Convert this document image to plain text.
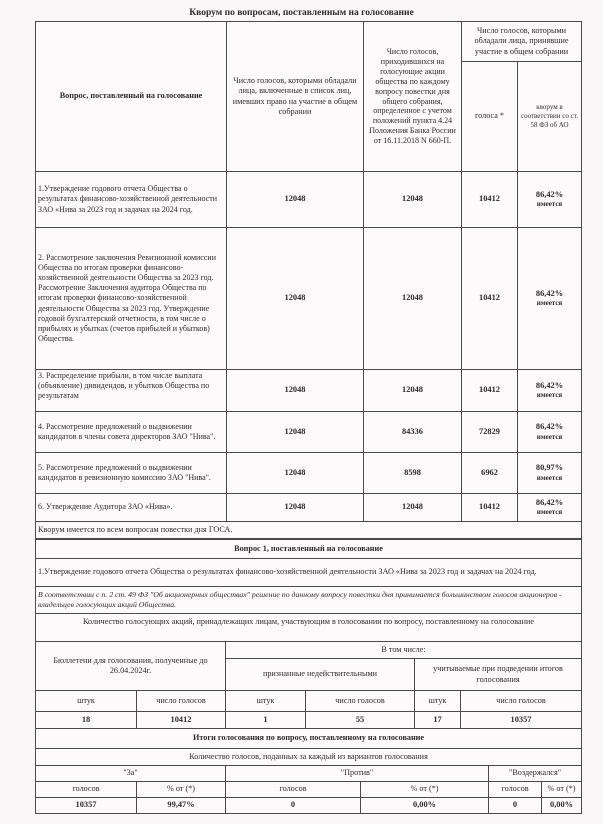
Кворум по вопросам, поставленным на голосование
Вопрос, поставленный на голосование	Число голосов, которыми обладали лица, включенные в список лиц, имевших право на участие в общем собрании	Число голосов, приходившихся на голосующие акции общества по каждому вопросу повестки дня общего собрания, определенное с учетом положений пункта 4.24 Положения Банка России от 16.11.2018 N 660-П.	Число голосов, которыми обладали лица, принявшие участие в общем собрании	
			голоса *	кворум в соответствии со ст. 58 ФЗ об АО
1.Утверждение годового отчета Общества о результатах финансово-хозяйственной деятельности ЗАО «Нива за 2023 год и задачах на 2024 год.	12048	12048	10412	86,42%
имеется

2. Рассмотрение заключения Ревизионной комиссии Общества по итогам проверки финансово-хозяйственной деятельности Общества за 2023 год. Рассмотрение Заключения аудитора Общества по итогам проверки финансово-хозяйственной деятельности Общества за 2023 год. Утверждение годовой бухгалтерской отчетности, в том числе о прибылях и убытках (счетов прибылей и убытков) Общества.	12048	12048	10412	86,42%
имеется

3. Распределение прибыли, в том числе выплата (объявление) дивидендов, и убытков Общества по результатам	12048	12048	10412	86,42%
имеется

4. Рассмотрение предложений о выдвижении кандидатов в члены совета директоров ЗАО "Нива".	12048	84336	72829	86,42%
имеется

5. Рассмотрение предложений о выдвижении кандидатов в ревизионную комиссию ЗАО "Нива".	12048	8598	6962	80,97%
имеется

6. Утверждение Аудитора ЗАО «Нива».	12048	12048	10412	86,42%
имеется

Кворум имеется по всем вопросам повестки дня ГОСА.				
Вопрос 1, поставленный на голосование
1.Утверждение годового отчета Общества о результатах финансово-хозяйственной деятельности ЗАО «Нива за 2023 год и задачах на 2024 год.
В соответствии с п. 2 ст. 49 ФЗ "Об акционерных обществах" решение по данному вопросу повестки дня принимается большинством голосов акционеров - владельцев голосующих акций Общества.
Количество голосующих акций, принадлежащих лицам, участвующим в голосовании по вопросу, поставленному на голосование
Бюллетени для голосования, полученные до 26.04.2024г.		В том числе:			
		признанные недействительными		учитываемые при подведении итогов голосования	
штук	число голосов	штук	число голосов	штук	число голосов
18	10412	1	55	17	10357
Итоги голосования по вопросу, поставленному на голосование					
Количество голосов, поданных за каждый из вариантов голосования					
"За"		"Против"		"Воздержался"	
голосов	% от (*)	голосов	% от (*)	голосов	% от (*)
10357	99,47%	0	0,00%	0	0,00%
